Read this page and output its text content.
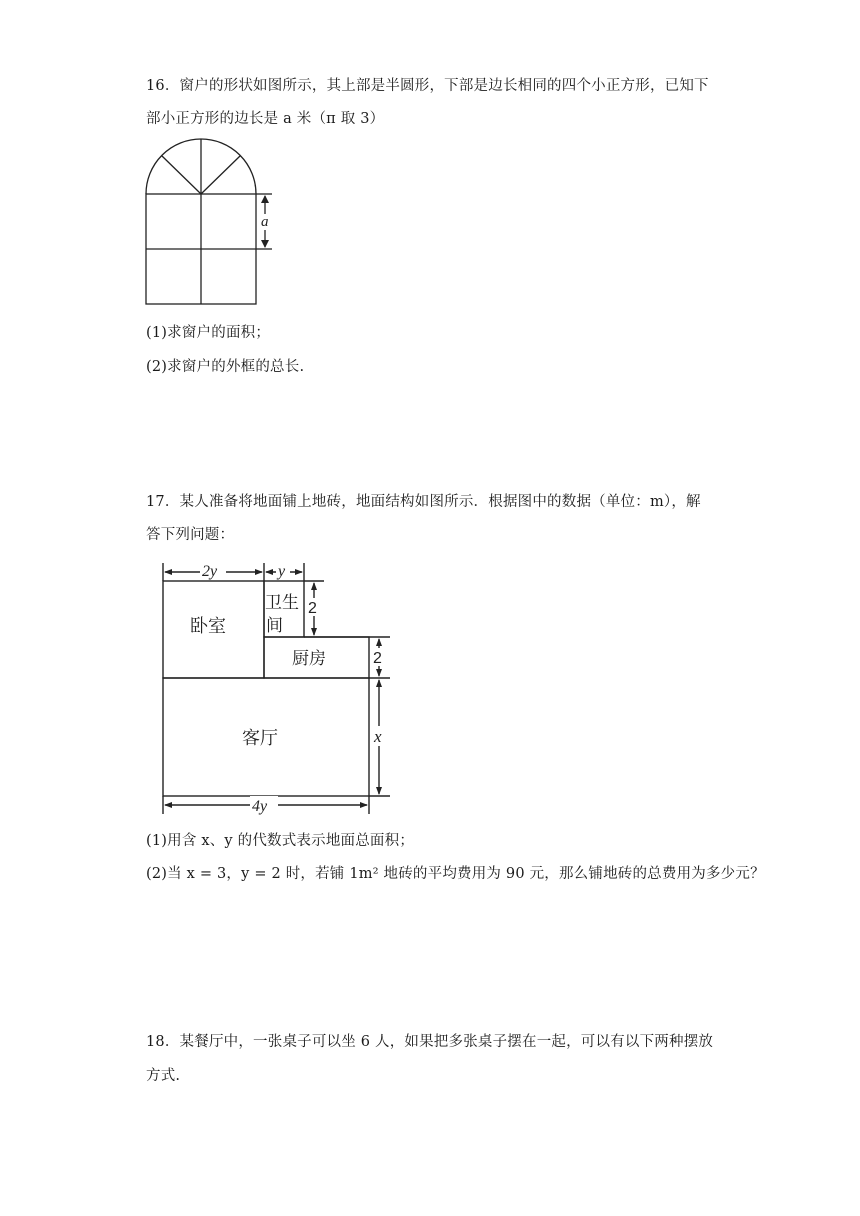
16．窗户的形状如图所示，其上部是半圆形，下部是边长相同的四个小正方形，已知下
部小正方形的边长是 a 米（π 取 3）
a
(1)求窗户的面积；
(2)求窗户的外框的总长.
17．某人准备将地面铺上地砖，地面结构如图所示．根据图中的数据（单位：m），解
答下列问题：
2y	y
2
2
x
4y
卧室
卫生
间
厨房
客厅
(1)用含 x、y 的代数式表示地面总面积；
(2)当 x = 3，y = 2 时，若铺 1m² 地砖的平均费用为 90 元，那么铺地砖的总费用为多少元？
18．某餐厅中，一张桌子可以坐 6 人，如果把多张桌子摆在一起，可以有以下两种摆放
方式.
